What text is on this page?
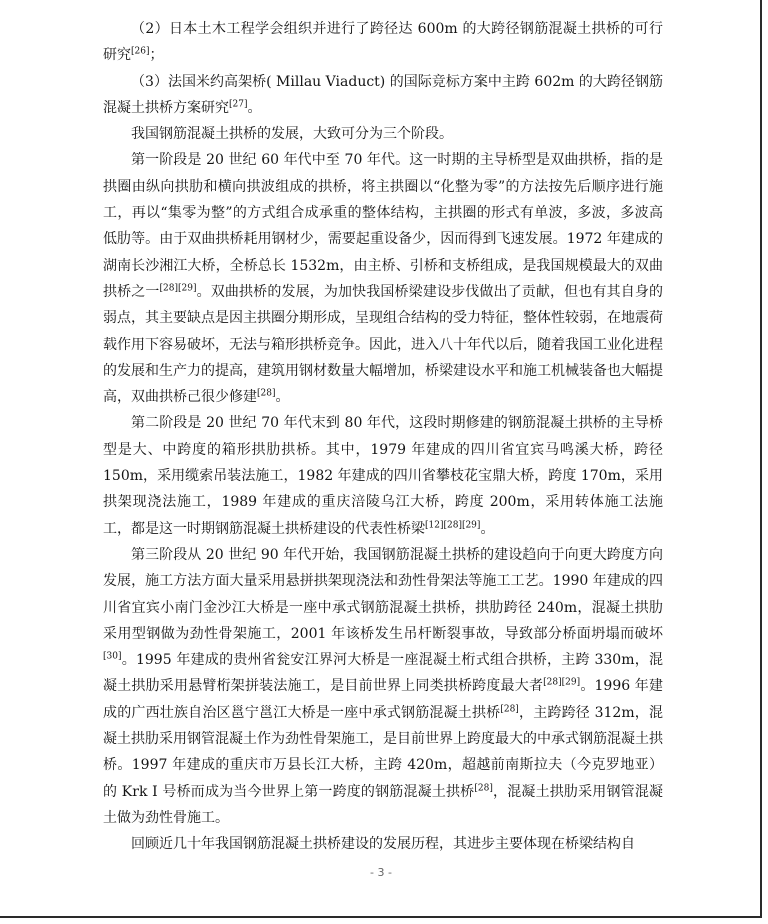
（2）日本土木工程学会组织并进行了跨径达 600m 的大跨径钢筋混凝土拱桥的可行研究[26]；

（3）法国米约高架桥( Millau Viaduct) 的国际竞标方案中主跨 602m 的大跨径钢筋混凝土拱桥方案研究[27]。

我国钢筋混凝土拱桥的发展，大致可分为三个阶段。

第一阶段是 20 世纪 60 年代中至 70 年代。这一时期的主导桥型是双曲拱桥，指的是拱圈由纵向拱肋和横向拱波组成的拱桥，将主拱圈以“化整为零”的方法按先后顺序进行施工，再以“集零为整”的方式组合成承重的整体结构，主拱圈的形式有单波，多波，多波高低肋等。由于双曲拱桥耗用钢材少，需要起重设备少，因而得到飞速发展。1972 年建成的湖南长沙湘江大桥，全桥总长 1532m，由主桥、引桥和支桥组成，是我国规模最大的双曲拱桥之一[28][29]。双曲拱桥的发展，为加快我国桥梁建设步伐做出了贡献，但也有其自身的弱点，其主要缺点是因主拱圈分期形成，呈现组合结构的受力特征，整体性较弱，在地震荷载作用下容易破坏，无法与箱形拱桥竞争。因此，进入八十年代以后，随着我国工业化进程的发展和生产力的提高，建筑用钢材数量大幅增加，桥梁建设水平和施工机械装备也大幅提高，双曲拱桥己很少修建[28]。

第二阶段是 20 世纪 70 年代末到 80 年代，这段时期修建的钢筋混凝土拱桥的主导桥型是大、中跨度的箱形拱肋拱桥。其中，1979 年建成的四川省宜宾马鸣溪大桥，跨径 150m，采用缆索吊装法施工，1982 年建成的四川省攀枝花宝鼎大桥，跨度 170m，采用拱架现浇法施工，1989 年建成的重庆涪陵乌江大桥，跨度 200m，采用转体施工法施工，都是这一时期钢筋混凝土拱桥建设的代表性桥梁[12][28][29]。

第三阶段从 20 世纪 90 年代开始，我国钢筋混凝土拱桥的建设趋向于向更大跨度方向发展，施工方法方面大量采用悬拼拱架现浇法和劲性骨架法等施工工艺。1990 年建成的四川省宜宾小南门金沙江大桥是一座中承式钢筋混凝土拱桥，拱肋跨径 240m，混凝土拱肋采用型钢做为劲性骨架施工，2001 年该桥发生吊杆断裂事故，导致部分桥面坍塌而破坏[30]。1995 年建成的贵州省瓮安江界河大桥是一座混凝土桁式组合拱桥，主跨 330m，混凝土拱肋采用悬臂桁架拼装法施工，是目前世界上同类拱桥跨度最大者[28][29]。1996 年建成的广西壮族自治区邕宁邕江大桥是一座中承式钢筋混凝土拱桥[28]，主跨跨径 312m，混凝土拱肋采用钢管混凝土作为劲性骨架施工，是目前世界上跨度最大的中承式钢筋混凝土拱桥。1997 年建成的重庆市万县长江大桥，主跨 420m，超越前南斯拉夫（今克罗地亚）的 Krk Ⅰ 号桥而成为当今世界上第一跨度的钢筋混凝土拱桥[28]，混凝土拱肋采用钢管混凝土做为劲性骨施工。

回顾近几十年我国钢筋混凝土拱桥建设的发展历程，其进步主要体现在桥梁结构自

- 3 -
